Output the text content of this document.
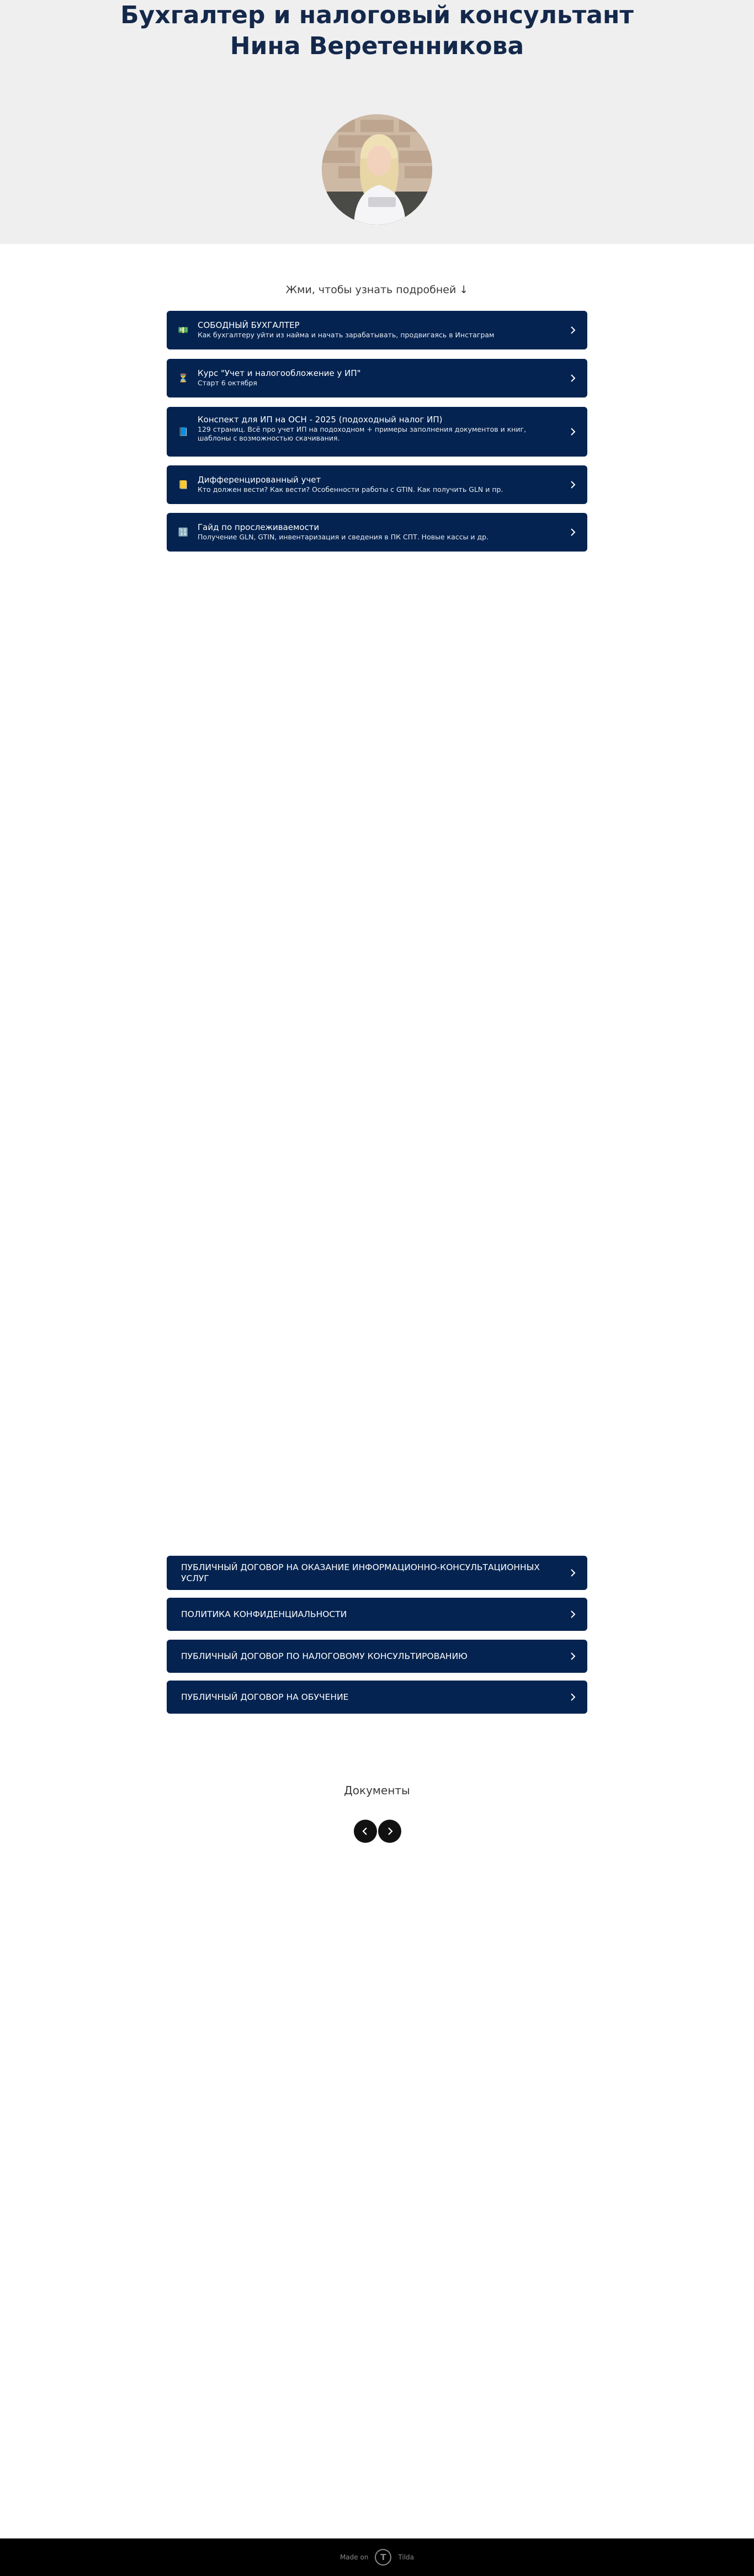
Бухгалтер и налоговый консультант
Нина Веретенникова
Жми, чтобы узнать подробней ↓
💵 СОБОДНЫЙ БУХГАЛТЕР
Как бухгалтеру уйти из найма и начать зарабатывать, продвигаясь в Инстаграм
⏳ Курс "Учет и налогообложение у ИП"
Старт 6 октября
📘
Конспект для ИП на ОСН - 2025 (подоходный налог ИП)
129 страниц. Всё про учет ИП на подоходном + примеры заполнения документов и книг, шаблоны с возможностью скачивания.
📒 Дифференцированный учет
Кто должен вести? Как вести? Особенности работы с GTIN. Как получить GLN и пр.
🔢 Гайд по прослеживаемости
Получение GLN, GTIN, инвентаризация и сведения в ПК СПТ. Новые кассы и др.
ПУБЛИЧНЫЙ ДОГОВОР НА ОКАЗАНИЕ ИНФОРМАЦИОННО-КОНСУЛЬТАЦИОННЫХ УСЛУГ
ПОЛИТИКА КОНФИДЕНЦИАЛЬНОСТИ
ПУБЛИЧНЫЙ ДОГОВОР ПО НАЛОГОВОМУ КОНСУЛЬТИРОВАНИЮ
ПУБЛИЧНЫЙ ДОГОВОР НА ОБУЧЕНИЕ
Документы
Made on	T	Tilda
